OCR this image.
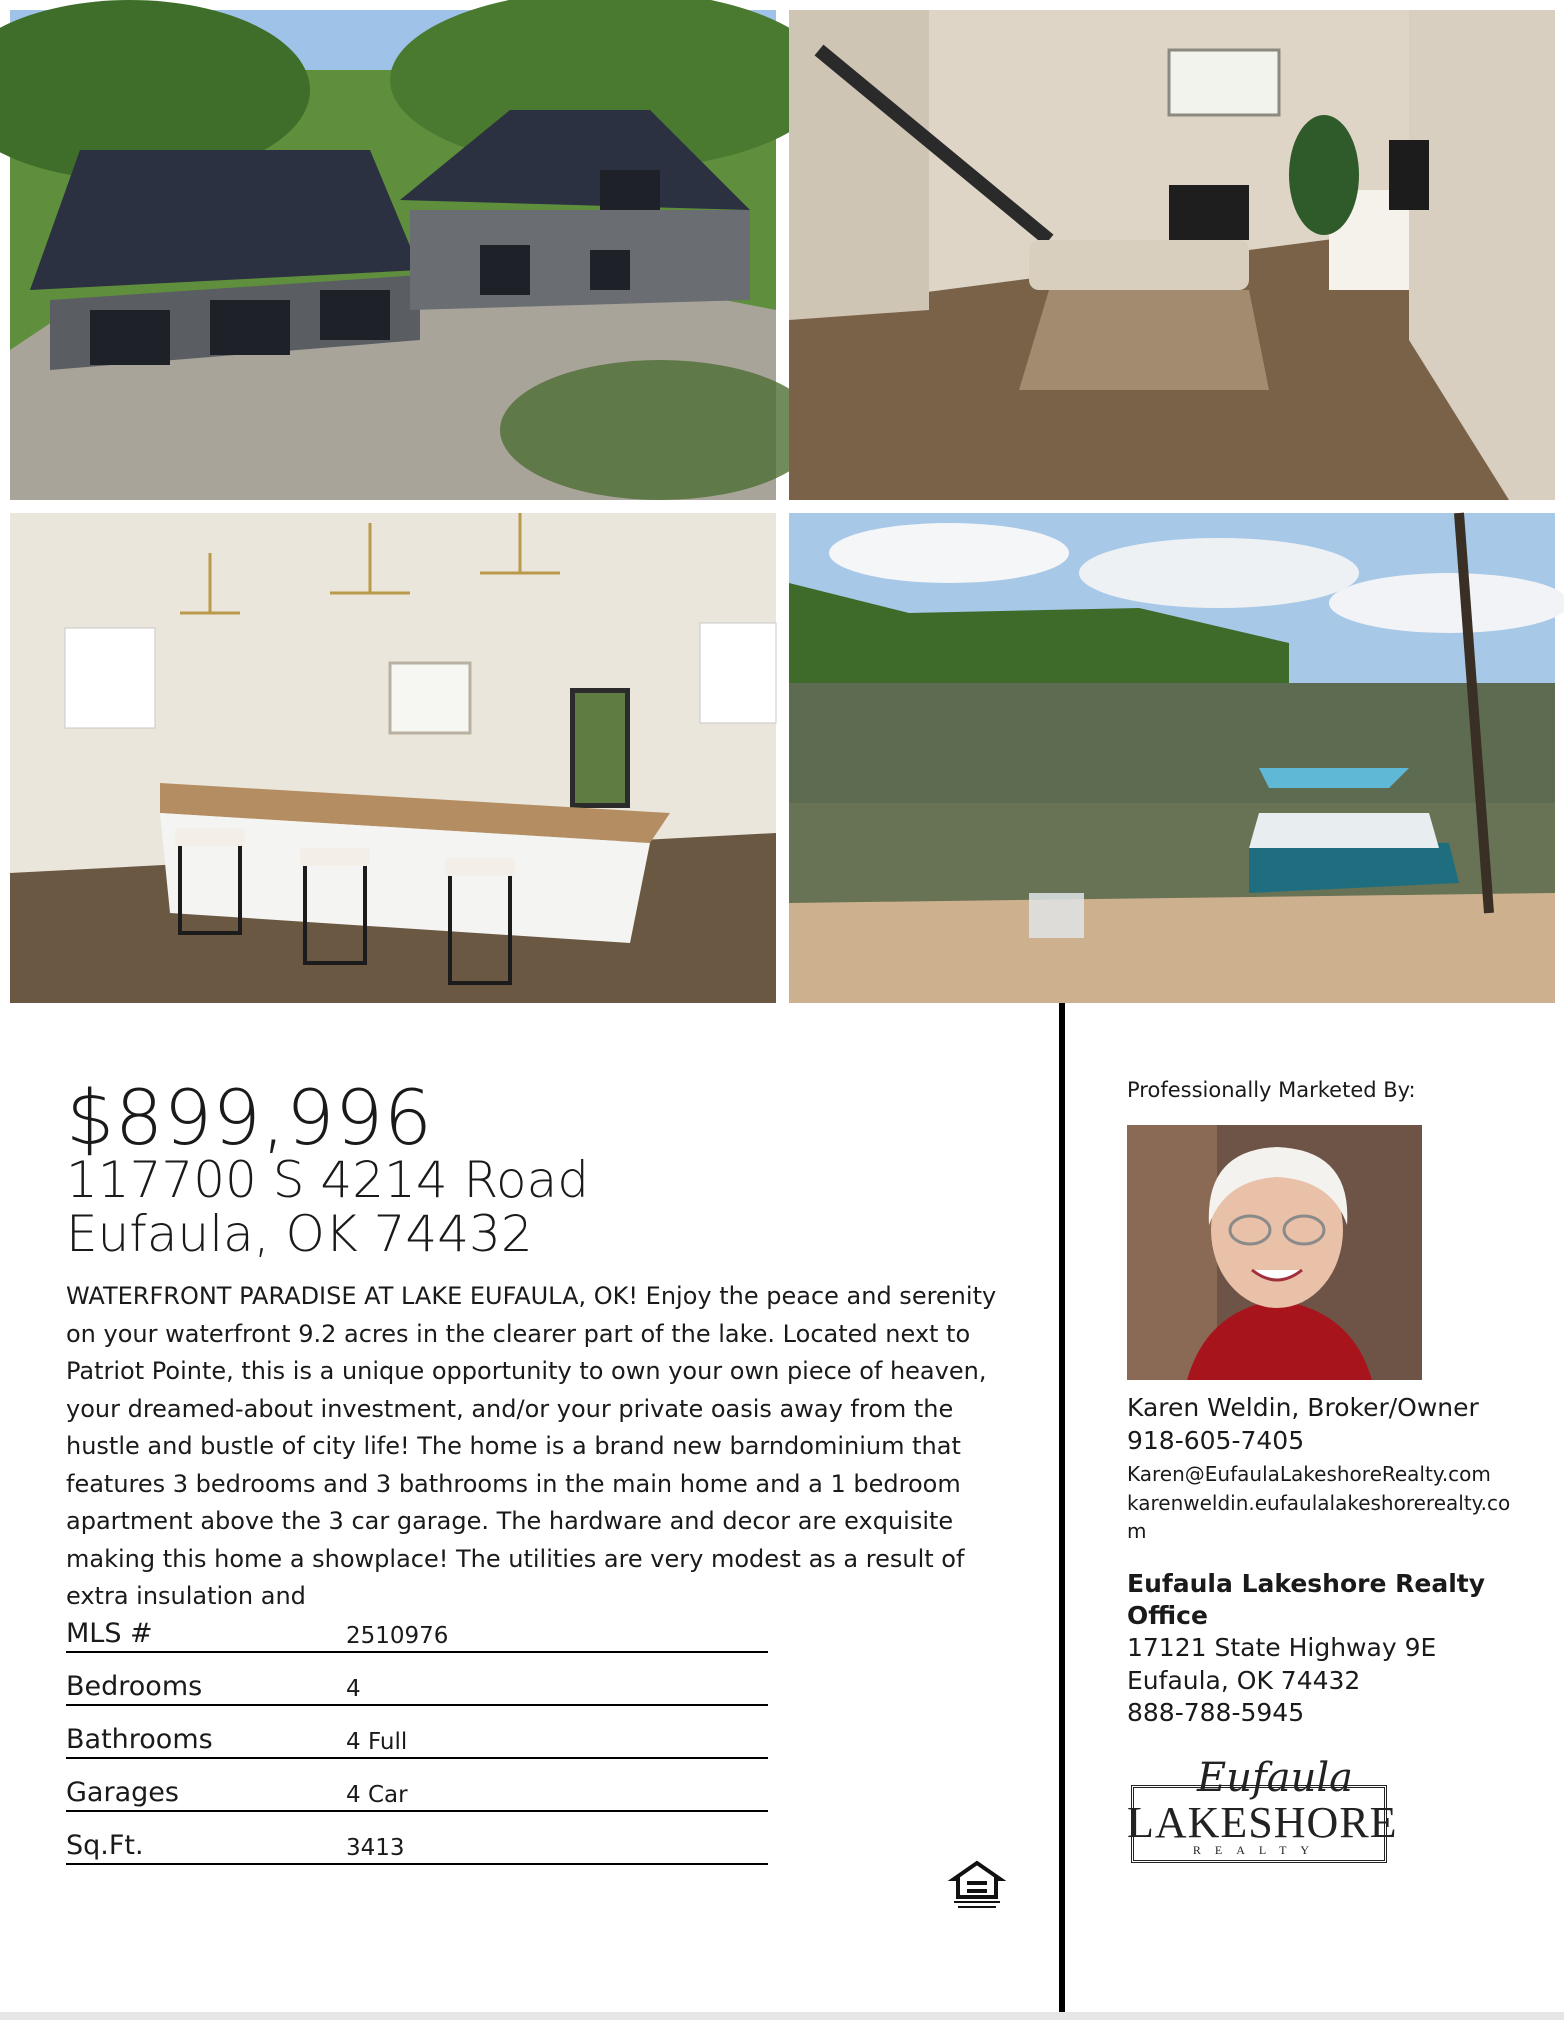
$899,996
117700 S 4214 Road
Eufaula, OK 74432
WATERFRONT PARADISE AT LAKE EUFAULA, OK! Enjoy the peace and serenity on your waterfront 9.2 acres in the clearer part of the lake. Located next to Patriot Pointe, this is a unique opportunity to own your own piece of heaven, your dreamed-about investment, and/or your private oasis away from the hustle and bustle of city life! The home is a brand new barndominium that features 3 bedrooms and 3 bathrooms in the main home and a 1 bedroom apartment above the 3 car garage. The hardware and decor are exquisite making this home a showplace! The utilities are very modest as a result of extra insulation and
MLS #	2510976
Bedrooms	4
Bathrooms	4 Full
Garages	4 Car
Sq.Ft.	3413
Professionally Marketed By:
Karen Weldin, Broker/Owner
918-605-7405
Karen@EufaulaLakeshoreRealty.com
karenweldin.eufaulalakeshorerealty.com
Eufaula Lakeshore Realty Office
17121 State Highway 9E
Eufaula, OK 74432
888-788-5945
Eufaula
LAKESHORE
REALTY
